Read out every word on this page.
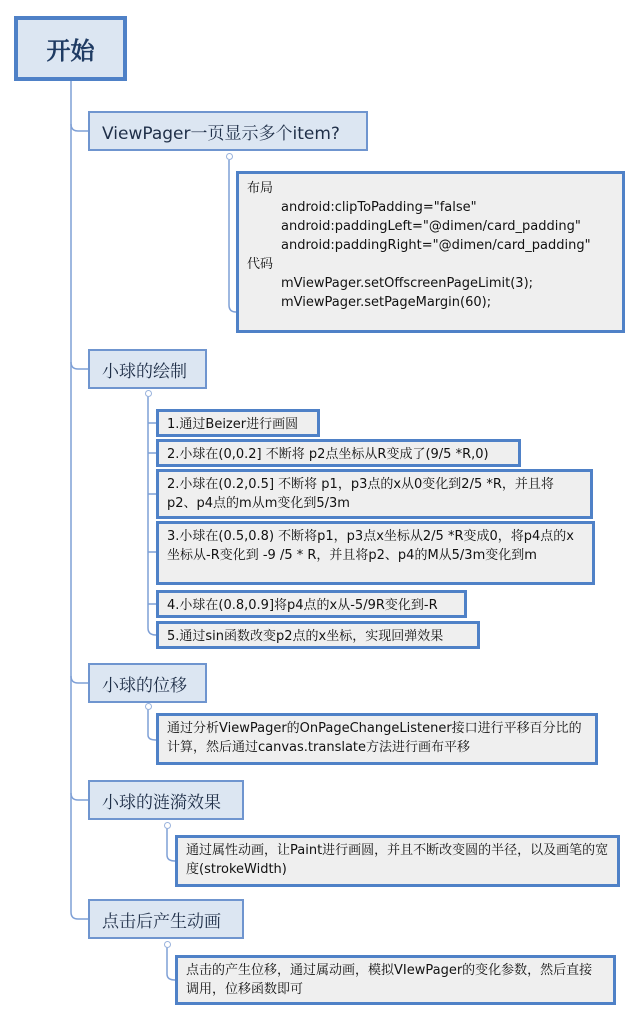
开始
ViewPager一页显示多个item?
布局
android:clipToPadding="false"
android:paddingLeft="@dimen/card_padding"
android:paddingRight="@dimen/card_padding"
代码
mViewPager.setOffscreenPageLimit(3);
mViewPager.setPageMargin(60);
小球的绘制
1.通过Beizer进行画圆
2.小球在(0,0.2] 不断将 p2点坐标从R变成了(9/5 *R,0)
2.小球在(0.2,0.5] 不断将 p1，p3点的x从0变化到2/5 *R，并且将p2、p4点的m从m变化到5/3m
3.小球在(0.5,0.8) 不断将p1，p3点x坐标从2/5 *R变成0，将p4点的x坐标从-R变化到 -9 /5 * R，并且将p2、p4的M从5/3m变化到m
4.小球在(0.8,0.9]将p4点的x从-5/9R变化到-R
5.通过sin函数改变p2点的x坐标，实现回弹效果
小球的位移
通过分析ViewPager的OnPageChangeListener接口进行平移百分比的计算，然后通过canvas.translate方法进行画布平移
小球的涟漪效果
通过属性动画，让Paint进行画圆，并且不断改变圆的半径，以及画笔的宽度(strokeWidth)
点击后产生动画
点击的产生位移，通过属动画，模拟VIewPager的变化参数，然后直接调用，位移函数即可
